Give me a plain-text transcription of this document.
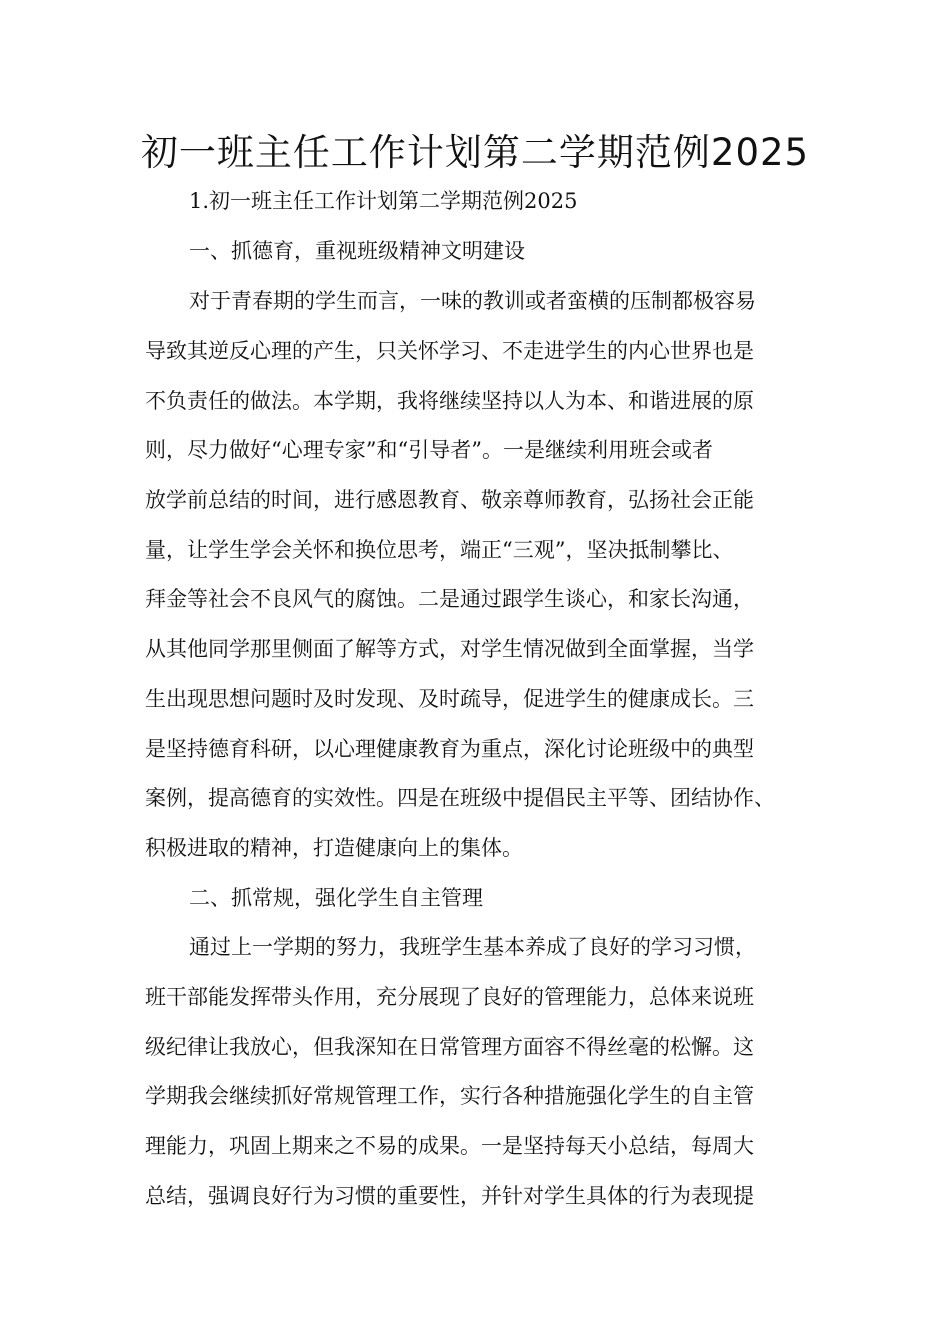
初一班主任工作计划第二学期范例2025

1.初一班主任工作计划第二学期范例2025

一、抓德育，重视班级精神文明建设

对于青春期的学生而言，一味的教训或者蛮横的压制都极容易

导致其逆反心理的产生，只关怀学习、不走进学生的内心世界也是

不负责任的做法。本学期，我将继续坚持以人为本、和谐进展的原

则，尽力做好“心理专家”和“引导者”。一是继续利用班会或者

放学前总结的时间，进行感恩教育、敬亲尊师教育，弘扬社会正能

量，让学生学会关怀和换位思考，端正“三观”，坚决抵制攀比、

拜金等社会不良风气的腐蚀。二是通过跟学生谈心，和家长沟通，

从其他同学那里侧面了解等方式，对学生情况做到全面掌握，当学

生出现思想问题时及时发现、及时疏导，促进学生的健康成长。三

是坚持德育科研，以心理健康教育为重点，深化讨论班级中的典型

案例，提高德育的实效性。四是在班级中提倡民主平等、团结协作、

积极进取的精神，打造健康向上的集体。

二、抓常规，强化学生自主管理

通过上一学期的努力，我班学生基本养成了良好的学习习惯，

班干部能发挥带头作用，充分展现了良好的管理能力，总体来说班

级纪律让我放心，但我深知在日常管理方面容不得丝毫的松懈。这

学期我会继续抓好常规管理工作，实行各种措施强化学生的自主管

理能力，巩固上期来之不易的成果。一是坚持每天小总结，每周大

总结，强调良好行为习惯的重要性，并针对学生具体的行为表现提
